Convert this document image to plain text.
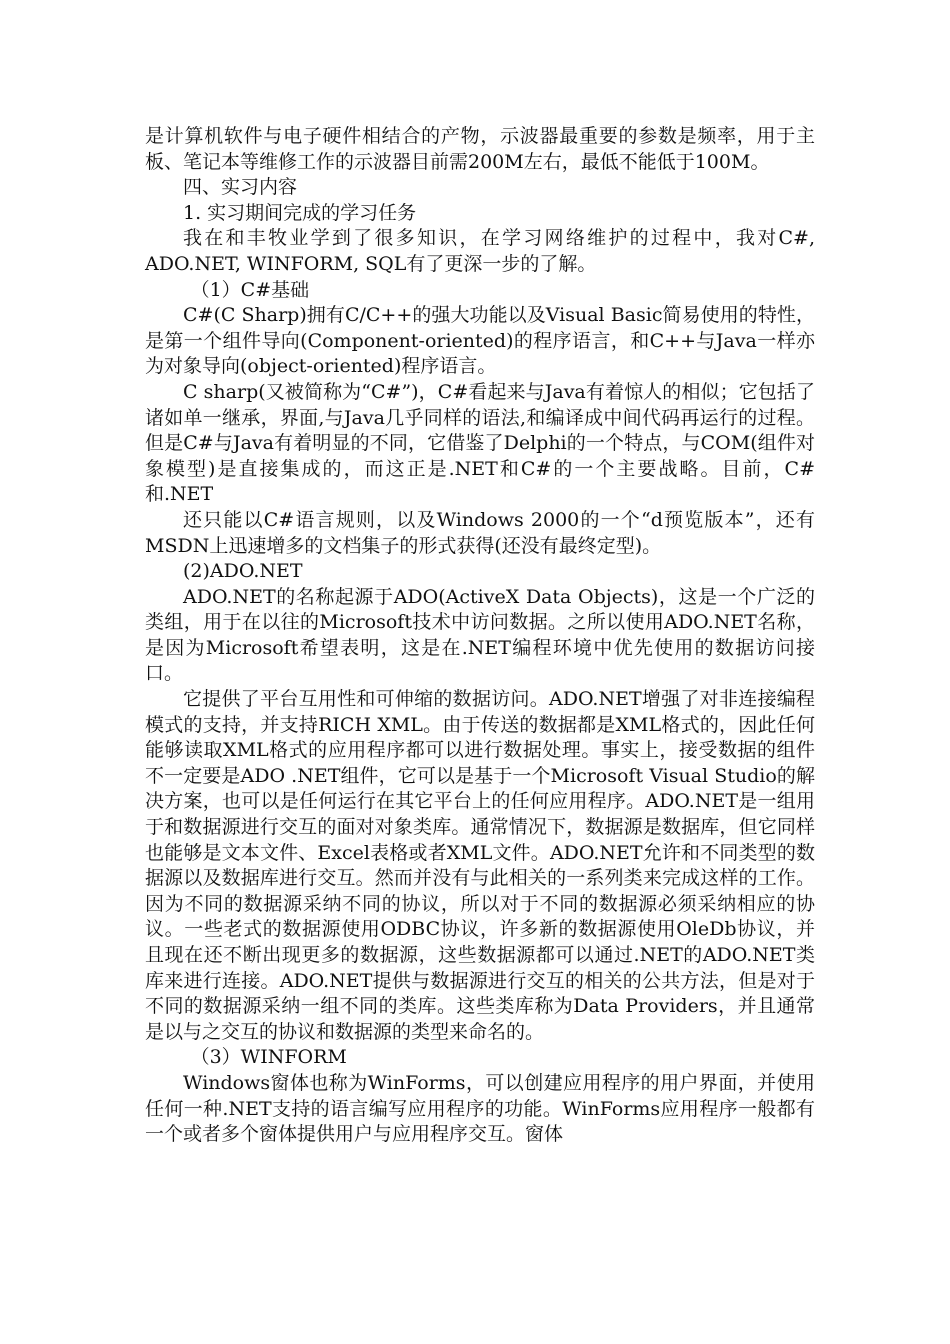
是计算机软件与电子硬件相结合的产物，示波器最重要的参数是频率，用于主板、笔记本等维修工作的示波器目前需200M左右，最低不能低于100M。

四、实习内容

1. 实习期间完成的学习任务

我在和丰牧业学到了很多知识，在学习网络维护的过程中，我对C#, ADO.NET, WINFORM, SQL有了更深一步的了解。

（1）C#基础

C#(C Sharp)拥有C/C++的强大功能以及Visual Basic简易使用的特性，是第一个组件导向(Component-oriented)的程序语言，和C++与Java一样亦为对象导向(object-oriented)程序语言。

C sharp(又被简称为“C#”)，C#看起来与Java有着惊人的相似；它包括了诸如单一继承，界面,与Java几乎同样的语法,和编译成中间代码再运行的过程。但是C#与Java有着明显的不同，它借鉴了Delphi的一个特点，与COM(组件对象模型)是直接集成的，而这正是.NET和C#的一个主要战略。目前，C#和.NET

还只能以C#语言规则，以及Windows 2000的一个“d预览版本”，还有MSDN上迅速增多的文档集子的形式获得(还没有最终定型)。

(2)ADO.NET

ADO.NET的名称起源于ADO(ActiveX Data Objects)，这是一个广泛的类组，用于在以往的Microsoft技术中访问数据。之所以使用ADO.NET名称，是因为Microsoft希望表明，这是在.NET编程环境中优先使用的数据访问接口。

它提供了平台互用性和可伸缩的数据访问。ADO.NET增强了对非连接编程模式的支持，并支持RICH XML。由于传送的数据都是XML格式的，因此任何能够读取XML格式的应用程序都可以进行数据处理。事实上，接受数据的组件不一定要是ADO .NET组件，它可以是基于一个Microsoft Visual Studio的解决方案，也可以是任何运行在其它平台上的任何应用程序。ADO.NET是一组用于和数据源进行交互的面对对象类库。通常情况下，数据源是数据库，但它同样也能够是文本文件、Excel表格或者XML文件。ADO.NET允许和不同类型的数据源以及数据库进行交互。然而并没有与此相关的一系列类来完成这样的工作。因为不同的数据源采纳不同的协议，所以对于不同的数据源必须采纳相应的协议。一些老式的数据源使用ODBC协议，许多新的数据源使用OleDb协议，并且现在还不断出现更多的数据源，这些数据源都可以通过.NET的ADO.NET类库来进行连接。ADO.NET提供与数据源进行交互的相关的公共方法，但是对于不同的数据源采纳一组不同的类库。这些类库称为Data Providers，并且通常是以与之交互的协议和数据源的类型来命名的。

（3）WINFORM

Windows窗体也称为WinForms，可以创建应用程序的用户界面，并使用任何一种.NET支持的语言编写应用程序的功能。WinForms应用程序一般都有一个或者多个窗体提供用户与应用程序交互。窗体
